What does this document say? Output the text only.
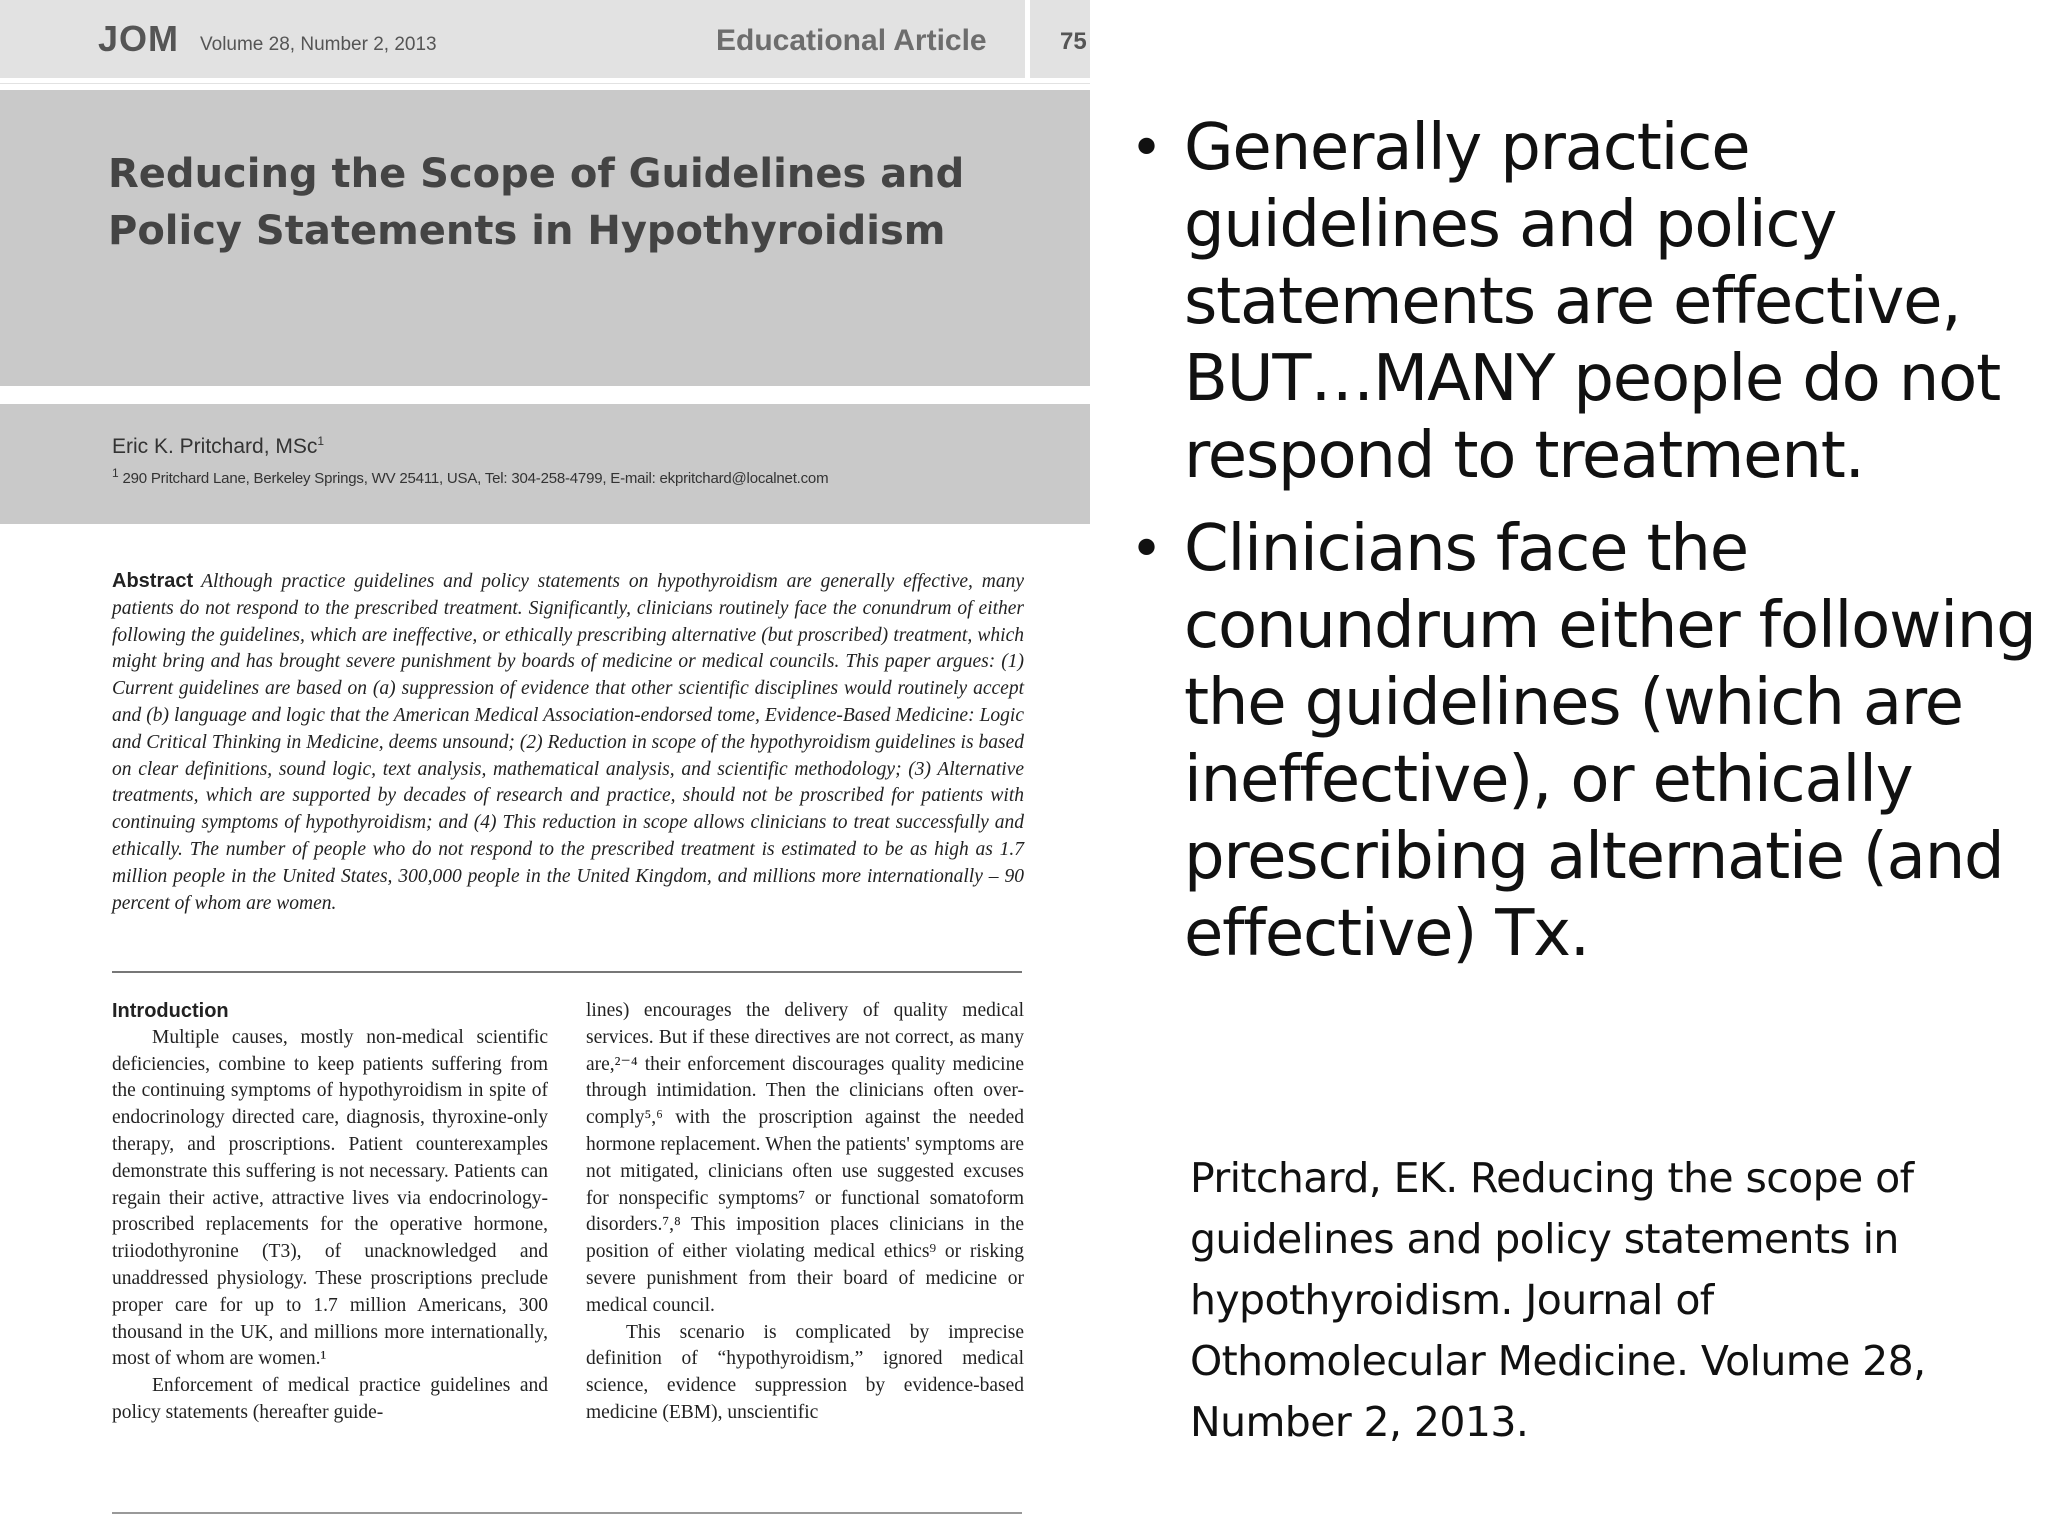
JOM Volume 28, Number 2, 2013	Educational Article	75
Reducing the Scope of Guidelines and Policy Statements in Hypothyroidism
Eric K. Pritchard, MSc$^1$
$^1$ 290 Pritchard Lane, Berkeley Springs, WV 25411, USA, Tel: 304-258-4799, E-mail: ekpritchard@localnet.com

Abstract Although practice guidelines and policy statements on hypothyroidism are generally effective, many patients do not respond to the prescribed treatment. Significantly, clinicians routinely face the conundrum of either following the guidelines, which are ineffective, or ethically prescribing alternative (but proscribed) treatment, which might bring and has brought severe punishment by boards of medicine or medical councils. This paper argues: (1) Current guidelines are based on (a) suppression of evidence that other scientific disciplines would routinely accept and (b) language and logic that the American Medical Association-endorsed tome, Evidence-Based Medicine: Logic and Critical Thinking in Medicine, deems unsound; (2) Reduction in scope of the hypothyroidism guidelines is based on clear definitions, sound logic, text analysis, mathematical analysis, and scientific methodology; (3) Alternative treatments, which are supported by decades of research and practice, should not be proscribed for patients with continuing symptoms of hypothyroidism; and (4) This reduction in scope allows clinicians to treat successfully and ethically. The number of people who do not respond to the prescribed treatment is estimated to be as high as 1.7 million people in the United States, 300,000 people in the United Kingdom, and millions more internationally – 90 percent of whom are women.

Introduction

Multiple causes, mostly non-medical scientific deficiencies, combine to keep patients suffering from the continuing symptoms of hypothyroidism in spite of endocrinology directed care, diagnosis, thyroxine-only therapy, and proscriptions. Patient counterexamples demonstrate this suffering is not necessary. Patients can regain their active, attractive lives via endocrinology-proscribed replacements for the operative hormone, triiodothyronine (T3), of unacknowledged and unaddressed physiology. These proscriptions preclude proper care for up to 1.7 million Americans, 300 thousand in the UK, and millions more internationally, most of whom are women.¹

Enforcement of medical practice guidelines and policy statements (hereafter guide-

lines) encourages the delivery of quality medical services. But if these directives are not correct, as many are,²⁻⁴ their enforcement discourages quality medicine through intimidation. Then the clinicians often over-comply⁵,⁶ with the proscription against the needed hormone replacement. When the patients' symptoms are not mitigated, clinicians often use suggested excuses for nonspecific symptoms⁷ or functional somatoform disorders.⁷,⁸ This imposition places clinicians in the position of either violating medical ethics⁹ or risking severe punishment from their board of medicine or medical council.

This scenario is complicated by imprecise definition of “hypothyroidism,” ignored medical science, evidence suppression by evidence-based medicine (EBM), unscientific

• Generally practice guidelines and policy statements are effective, BUT…MANY people do not respond to treatment.
• Clinicians face the conundrum either following the guidelines (which are ineffective), or ethically prescribing alternatie (and effective) Tx.

Pritchard, EK. Reducing the scope of guidelines and policy statements in hypothyroidism. Journal of Othomolecular Medicine. Volume 28, Number 2, 2013.
